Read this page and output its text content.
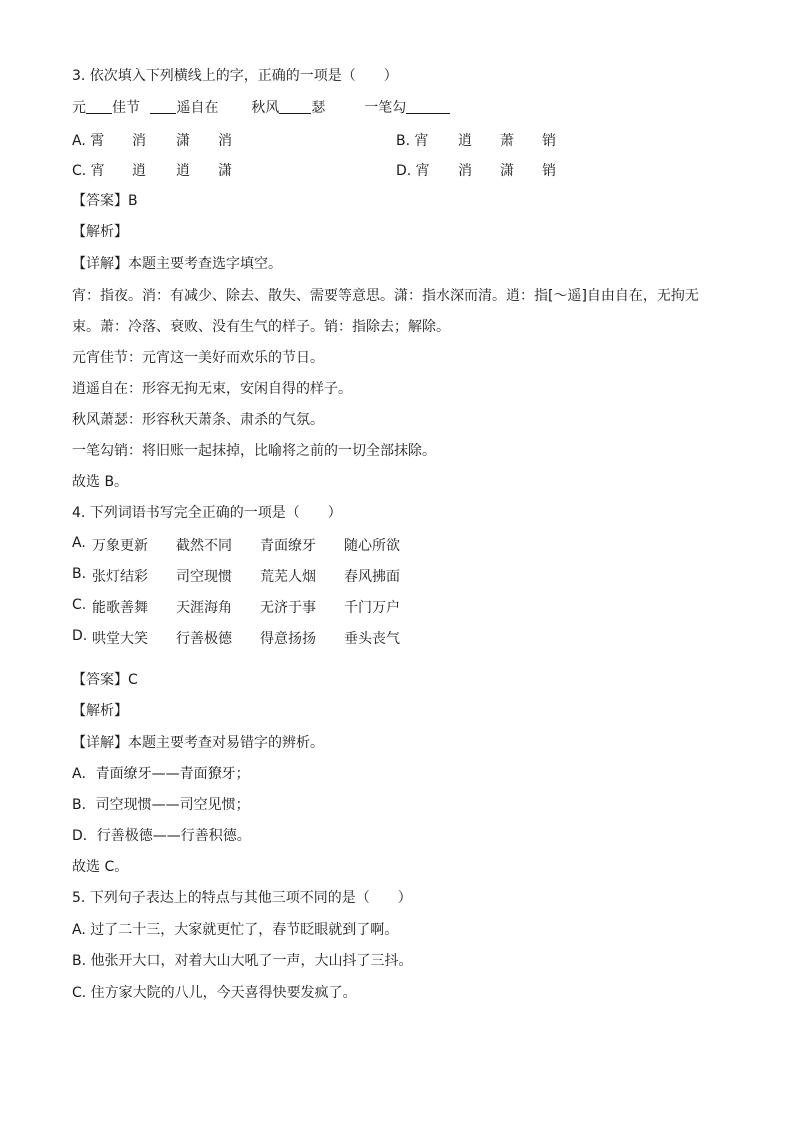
3. 依次填入下列横线上的字，正确的一项是（　　）
元 佳节	遥自在 秋风 瑟	一笔勾
A. 霄 消 潇 消	B. 宵 逍 萧 销
C. 宵 逍 逍 潇	D. 宵 消 潇 销
【答案】B
【解析】
【详解】本题主要考查选字填空。
宵：指夜。消：有减少、除去、散失、需要等意思。潇：指水深而清。逍：指[～遥]自由自在，无拘无
束。萧：冷落、衰败、没有生气的样子。销：指除去；解除。
元宵佳节：元宵这一美好而欢乐的节日。
逍遥自在：形容无拘无束，安闲自得的样子。
秋风萧瑟：形容秋天萧条、肃杀的气氛。
一笔勾销：将旧账一起抹掉，比喻将之前的一切全部抹除。
故选 B。
4. 下列词语书写完全正确的一项是（　　）
A. 万象更新 截然不同 青面缭牙 随心所欲
B. 张灯结彩 司空现惯 荒芜人烟 春风拂面
C. 能歌善舞 天涯海角 无济于事 千门万户
D. 哄堂大笑 行善极德 得意扬扬 垂头丧气
【答案】C
【解析】
【详解】本题主要考查对易错字的辨析。
A．青面缭牙——青面獠牙；
B．司空现惯——司空见惯；
D．行善极德——行善积德。
故选 C。
5. 下列句子表达上的特点与其他三项不同的是（　　）
A. 过了二十三，大家就更忙了，春节眨眼就到了啊。
B. 他张开大口，对着大山大吼了一声，大山抖了三抖。
C. 住方家大院的八儿，今天喜得快要发疯了。
